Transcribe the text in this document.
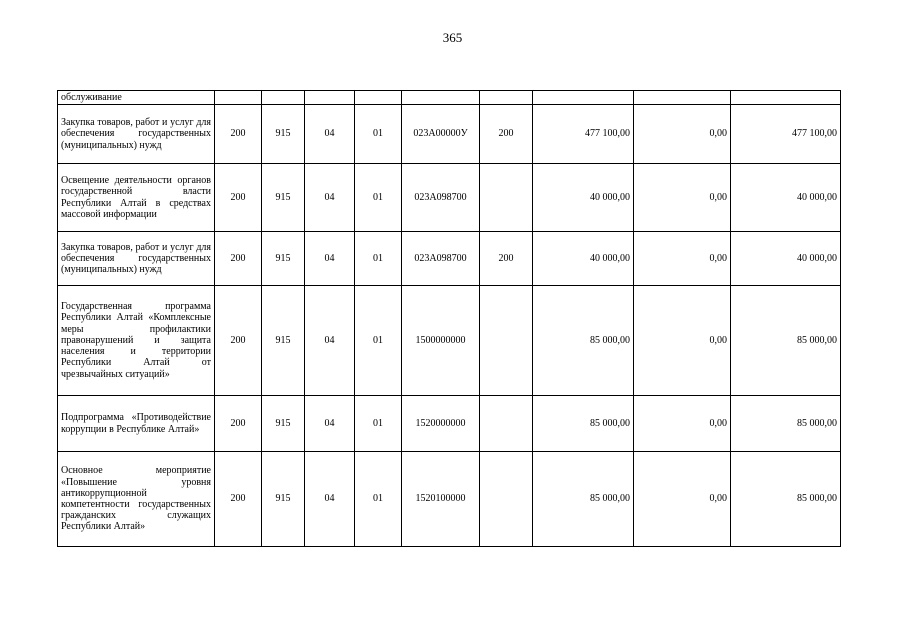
365
обслуживание									
Закупка товаров, работ и услуг для обеспечения государственных (муниципальных) нужд	200	915	04	01	023А00000У	200	477 100,00	0,00	477 100,00
Освещение деятельности органов государственной власти Республики Алтай в средствах массовой информации	200	915	04	01	023А098700		40 000,00	0,00	40 000,00
Закупка товаров, работ и услуг для обеспечения государственных (муниципальных) нужд	200	915	04	01	023А098700	200	40 000,00	0,00	40 000,00
Государственная программа Республики Алтай «Комплексные меры профилактики правонарушений и защита населения и территории Республики Алтай от чрезвычайных ситуаций»	200	915	04	01	1500000000		85 000,00	0,00	85 000,00
Подпрограмма «Противодействие коррупции в Республике Алтай»	200	915	04	01	1520000000		85 000,00	0,00	85 000,00
Основное мероприятие «Повышение уровня антикоррупционной компетентности государственных гражданских служащих Республики Алтай»	200	915	04	01	1520100000		85 000,00	0,00	85 000,00
